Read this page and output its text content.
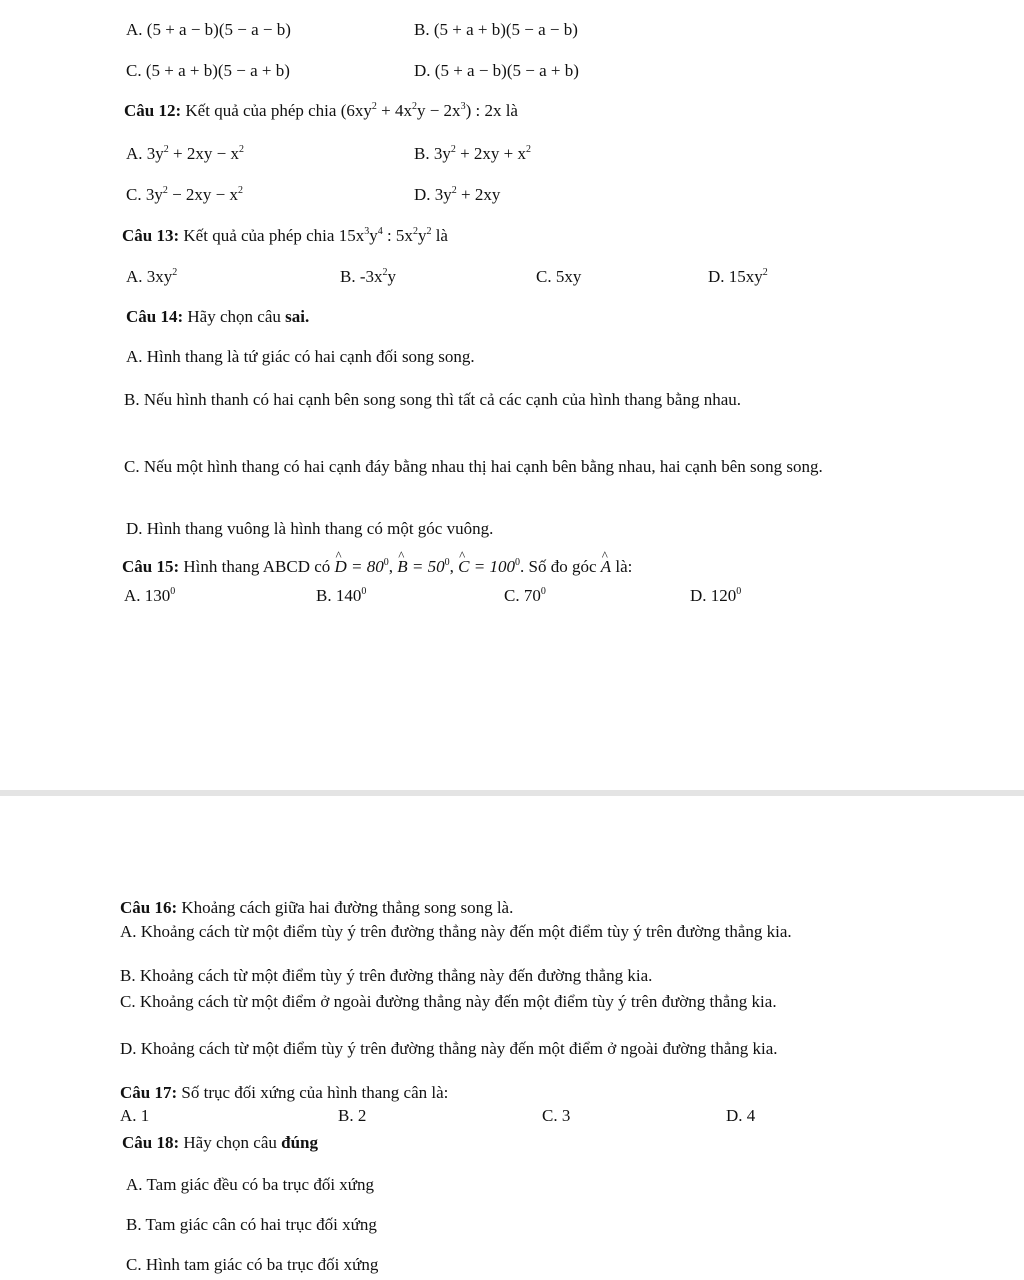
A. (5 + a − b)(5 − a − b)	B. (5 + a + b)(5 − a − b)
C. (5 + a + b)(5 − a + b)	D. (5 + a − b)(5 − a + b)
Câu 12: Kết quả của phép chia $(6xy^2 + 4x^2y - 2x^3)$ : 2x là
A. $3y^2 + 2xy - x^2$	B. $3y^2 + 2xy + x^2$
C. $3y^2 - 2xy - x^2$	D. $3y^2 + 2xy$
Câu 13: Kết quả của phép chia $15x^3y^4$ : $5x^2y^2$ là
A. $3xy^2$	B. $-3x^2y$	C. 5xy	D. $15xy^2$
Câu 14: Hãy chọn câu sai.
A. Hình thang là tứ giác có hai cạnh đối song song.
B. Nếu hình thanh có hai cạnh bên song song thì tất cả các cạnh của hình thang bằng nhau.
C. Nếu một hình thang có hai cạnh đáy bằng nhau thị hai cạnh bên bằng nhau, hai cạnh bên song song.
D. Hình thang vuông là hình thang có một góc vuông.
Câu 15: Hình thang ABCD có ^ $D = 80^0$, ^ $B = 50^0$, ^ $C = 100^0$. Số đo góc ^ A là:
A. $130^0$	B. $140^0$	C. $70^0$	D. $120^0$
Câu 16: Khoảng cách giữa hai đường thẳng song song là.
A. Khoảng cách từ một điểm tùy ý trên đường thẳng này đến một điểm tùy ý trên đường thẳng kia.
B. Khoảng cách từ một điểm tùy ý trên đường thẳng này đến đường thẳng kia.
C. Khoảng cách từ một điểm ở ngoài đường thẳng này đến một điểm tùy ý trên đường thẳng kia.
D. Khoảng cách từ một điểm tùy ý trên đường thẳng này đến một điểm ở ngoài đường thẳng kia.
Câu 17: Số trục đối xứng của hình thang cân là:
A. 1	B. 2	C. 3	D. 4
Câu 18: Hãy chọn câu đúng
A. Tam giác đều có ba trục đối xứng
B. Tam giác cân có hai trục đối xứng
C. Hình tam giác có ba trục đối xứng
